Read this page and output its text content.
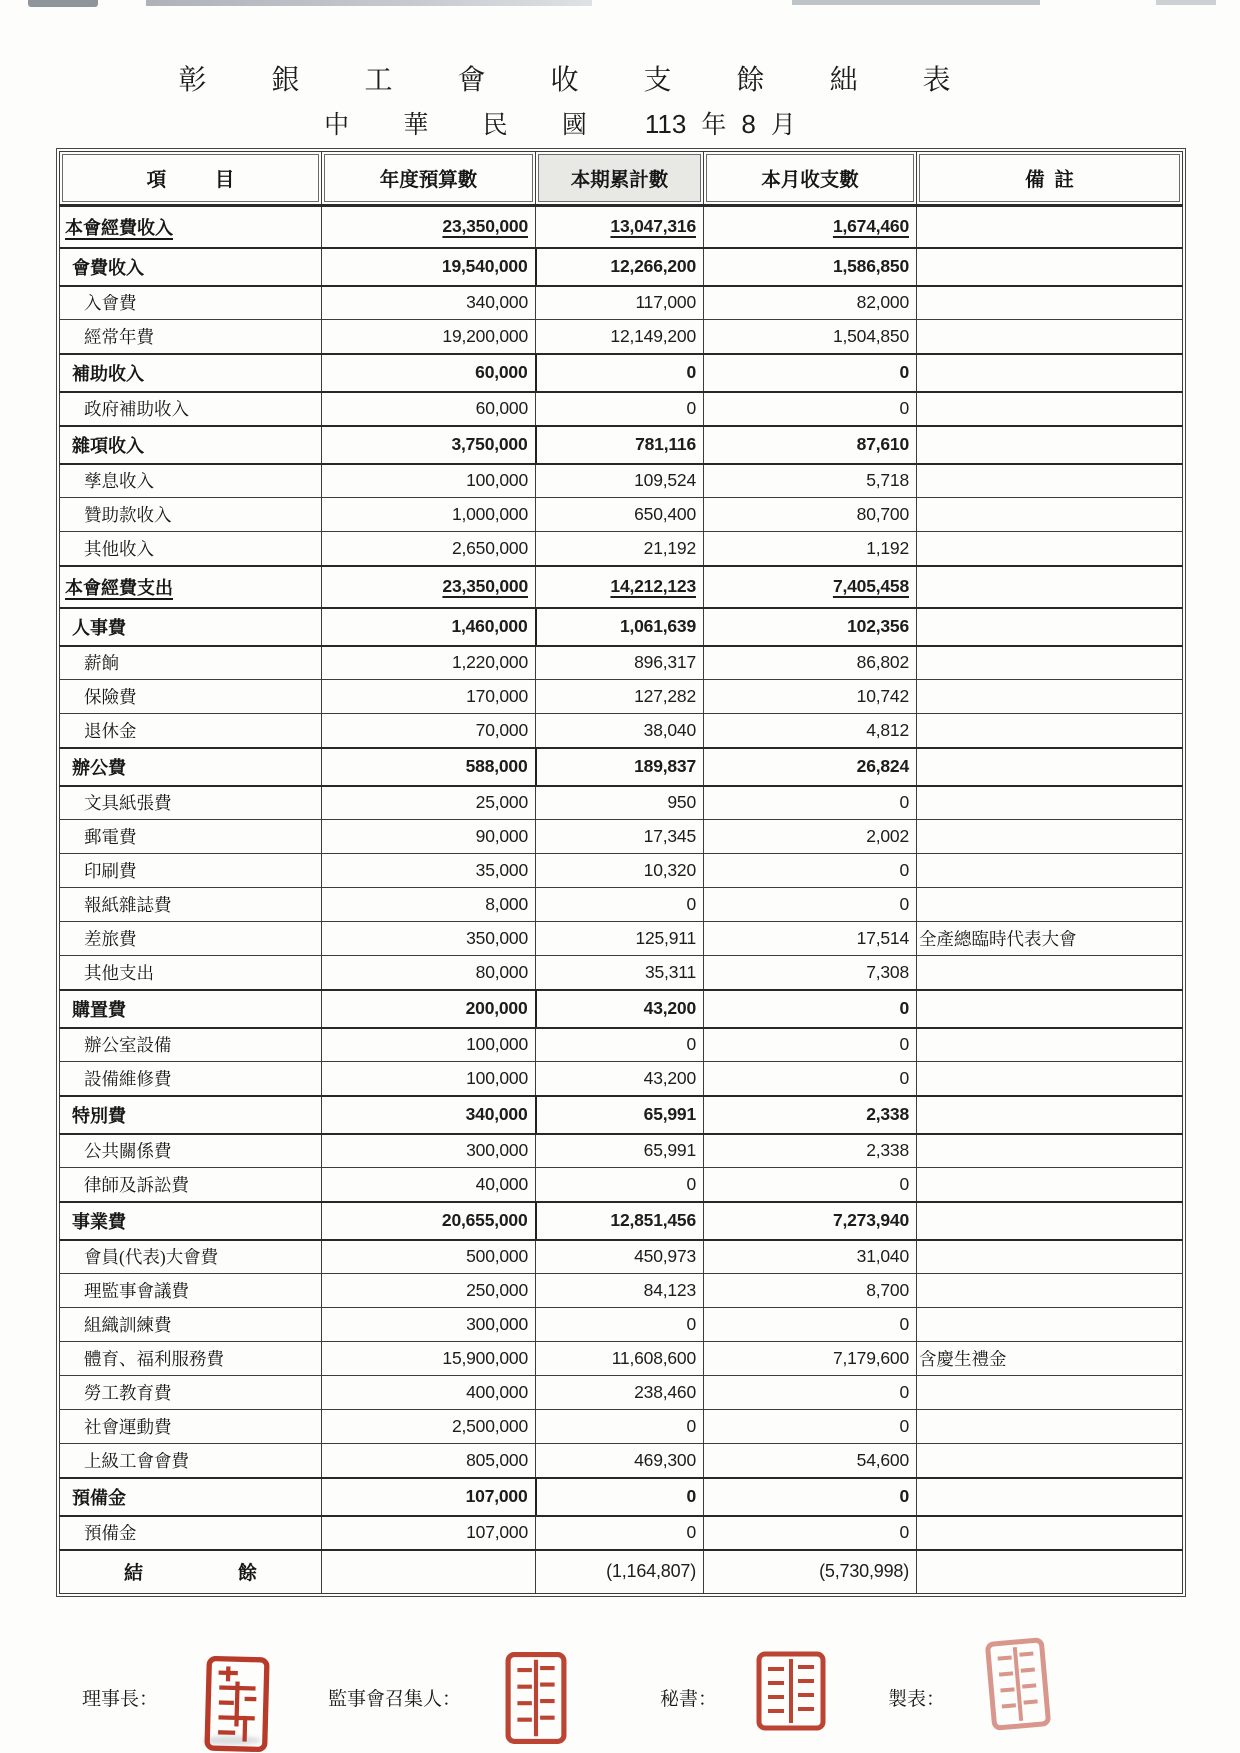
彰 銀 工 會 收 支 餘 絀 表
中 華 民 國 113 年 8 月
項          目	年度預算數	本期累計數	本月收支數	備  註
本會經費收入	23,350,000	13,047,316	1,674,460	
會費收入	19,540,000	12,266,200	1,586,850	
入會費	340,000	117,000	82,000	
經常年費	19,200,000	12,149,200	1,504,850	
補助收入	60,000	0	0	
政府補助收入	60,000	0	0	
雜項收入	3,750,000	781,116	87,610	
孳息收入	100,000	109,524	5,718	
贊助款收入	1,000,000	650,400	80,700	
其他收入	2,650,000	21,192	1,192	
本會經費支出	23,350,000	14,212,123	7,405,458	
人事費	1,460,000	1,061,639	102,356	
薪餉	1,220,000	896,317	86,802	
保險費	170,000	127,282	10,742	
退休金	70,000	38,040	4,812	
辦公費	588,000	189,837	26,824	
文具紙張費	25,000	950	0	
郵電費	90,000	17,345	2,002	
印刷費	35,000	10,320	0	
報紙雜誌費	8,000	0	0	
差旅費	350,000	125,911	17,514	全產總臨時代表大會
其他支出	80,000	35,311	7,308	
購置費	200,000	43,200	0	
辦公室設備	100,000	0	0	
設備維修費	100,000	43,200	0	
特別費	340,000	65,991	2,338	
公共關係費	300,000	65,991	2,338	
律師及訴訟費	40,000	0	0	
事業費	20,655,000	12,851,456	7,273,940	
會員(代表)大會費	500,000	450,973	31,040	
理監事會議費	250,000	84,123	8,700	
組織訓練費	300,000	0	0	
體育、福利服務費	15,900,000	11,608,600	7,179,600	含慶生禮金
勞工教育費	400,000	238,460	0	
社會運動費	2,500,000	0	0	
上級工會會費	805,000	469,300	54,600	
預備金	107,000	0	0	
預備金	107,000	0	0	
結                    餘		(1,164,807)	(5,730,998)	
理事長：	監事會召集人：	秘書：	製表：
